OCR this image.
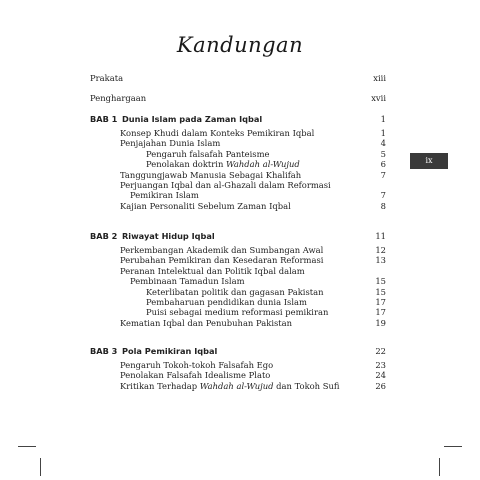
Kandungan
Prakata	xiii
Penghargaan	xvii
BAB 1 Dunia Islam pada Zaman Iqbal	1
Konsep Khudi dalam Konteks Pemikiran Iqbal	1
Penjajahan Dunia Islam	4
Pengaruh falsafah Panteisme	5
Penolakan doktrin Wahdah al-Wujud	6
Tanggungjawab Manusia Sebagai Khalifah	7
Perjuangan Iqbal dan al-Ghazali dalam Reformasi
Pemikiran Islam	7
Kajian Personaliti Sebelum Zaman Iqbal	8
BAB 2 Riwayat Hidup Iqbal	11
Perkembangan Akademik dan Sumbangan Awal	12
Perubahan Pemikiran dan Kesedaran Reformasi	13
Peranan Intelektual dan Politik Iqbal dalam
Pembinaan Tamadun Islam	15
Keterlibatan politik dan gagasan Pakistan	15
Pembaharuan pendidikan dunia Islam	17
Puisi sebagai medium reformasi pemikiran	17
Kematian Iqbal dan Penubuhan Pakistan	19
BAB 3 Pola Pemikiran Iqbal	22
Pengaruh Tokoh-tokoh Falsafah Ego	23
Penolakan Falsafah Idealisme Plato	24
Kritikan Terhadap Wahdah al-Wujud dan Tokoh Sufi	26
ix
